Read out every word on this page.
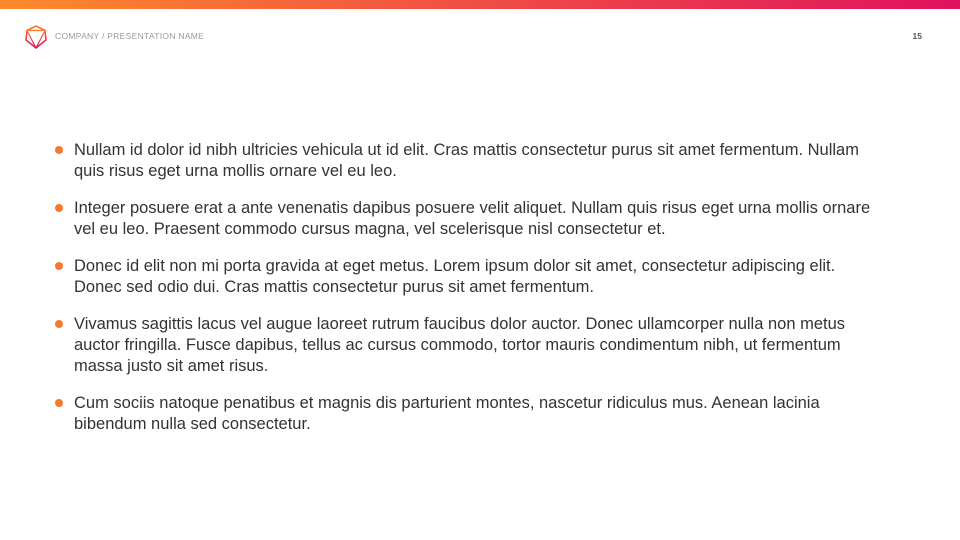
COMPANY / PRESENTATION NAME	15
Nullam id dolor id nibh ultricies vehicula ut id elit. Cras mattis consectetur purus sit amet fermentum. Nullam quis risus eget urna mollis ornare vel eu leo.
Integer posuere erat a ante venenatis dapibus posuere velit aliquet. Nullam quis risus eget urna mollis ornare vel eu leo. Praesent commodo cursus magna, vel scelerisque nisl consectetur et.
Donec id elit non mi porta gravida at eget metus. Lorem ipsum dolor sit amet, consectetur adipiscing elit. Donec sed odio dui. Cras mattis consectetur purus sit amet fermentum.
Vivamus sagittis lacus vel augue laoreet rutrum faucibus dolor auctor. Donec ullamcorper nulla non metus auctor fringilla. Fusce dapibus, tellus ac cursus commodo, tortor mauris condimentum nibh, ut fermentum massa justo sit amet risus.
Cum sociis natoque penatibus et magnis dis parturient montes, nascetur ridiculus mus. Aenean lacinia bibendum nulla sed consectetur.
